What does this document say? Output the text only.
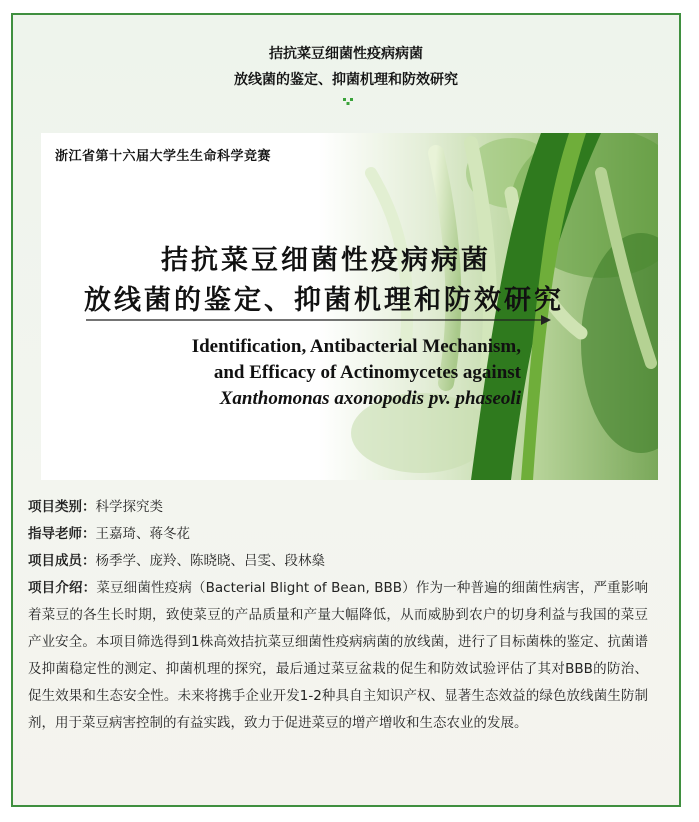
拮抗菜豆细菌性疫病病菌
放线菌的鉴定、抑菌机理和防效研究
浙江省第十六届大学生生命科学竞赛
拮抗菜豆细菌性疫病病菌
放线菌的鉴定、抑菌机理和防效研究
Identification, Antibacterial Mechanism,
and Efficacy of Actinomycetes against
Xanthomonas axonopodis pv. phaseoli
项目类别：科学探究类
指导老师：王嘉琦、蒋冬花
项目成员：杨季学、庞羚、陈晓晓、吕雯、段林燊
项目介绍：菜豆细菌性疫病（Bacterial Blight of Bean, BBB）作为一种普遍的细菌性病害，严重影响着菜豆的各生长时期，致使菜豆的产品质量和产量大幅降低，从而威胁到农户的切身利益与我国的菜豆产业安全。本项目筛选得到1株高效拮抗菜豆细菌性疫病病菌的放线菌，进行了目标菌株的鉴定、抗菌谱及抑菌稳定性的测定、抑菌机理的探究，最后通过菜豆盆栽的促生和防效试验评估了其对BBB的防治、促生效果和生态安全性。未来将携手企业开发1-2种具自主知识产权、显著生态效益的绿色放线菌生防制剂，用于菜豆病害控制的有益实践，致力于促进菜豆的增产增收和生态农业的发展。
